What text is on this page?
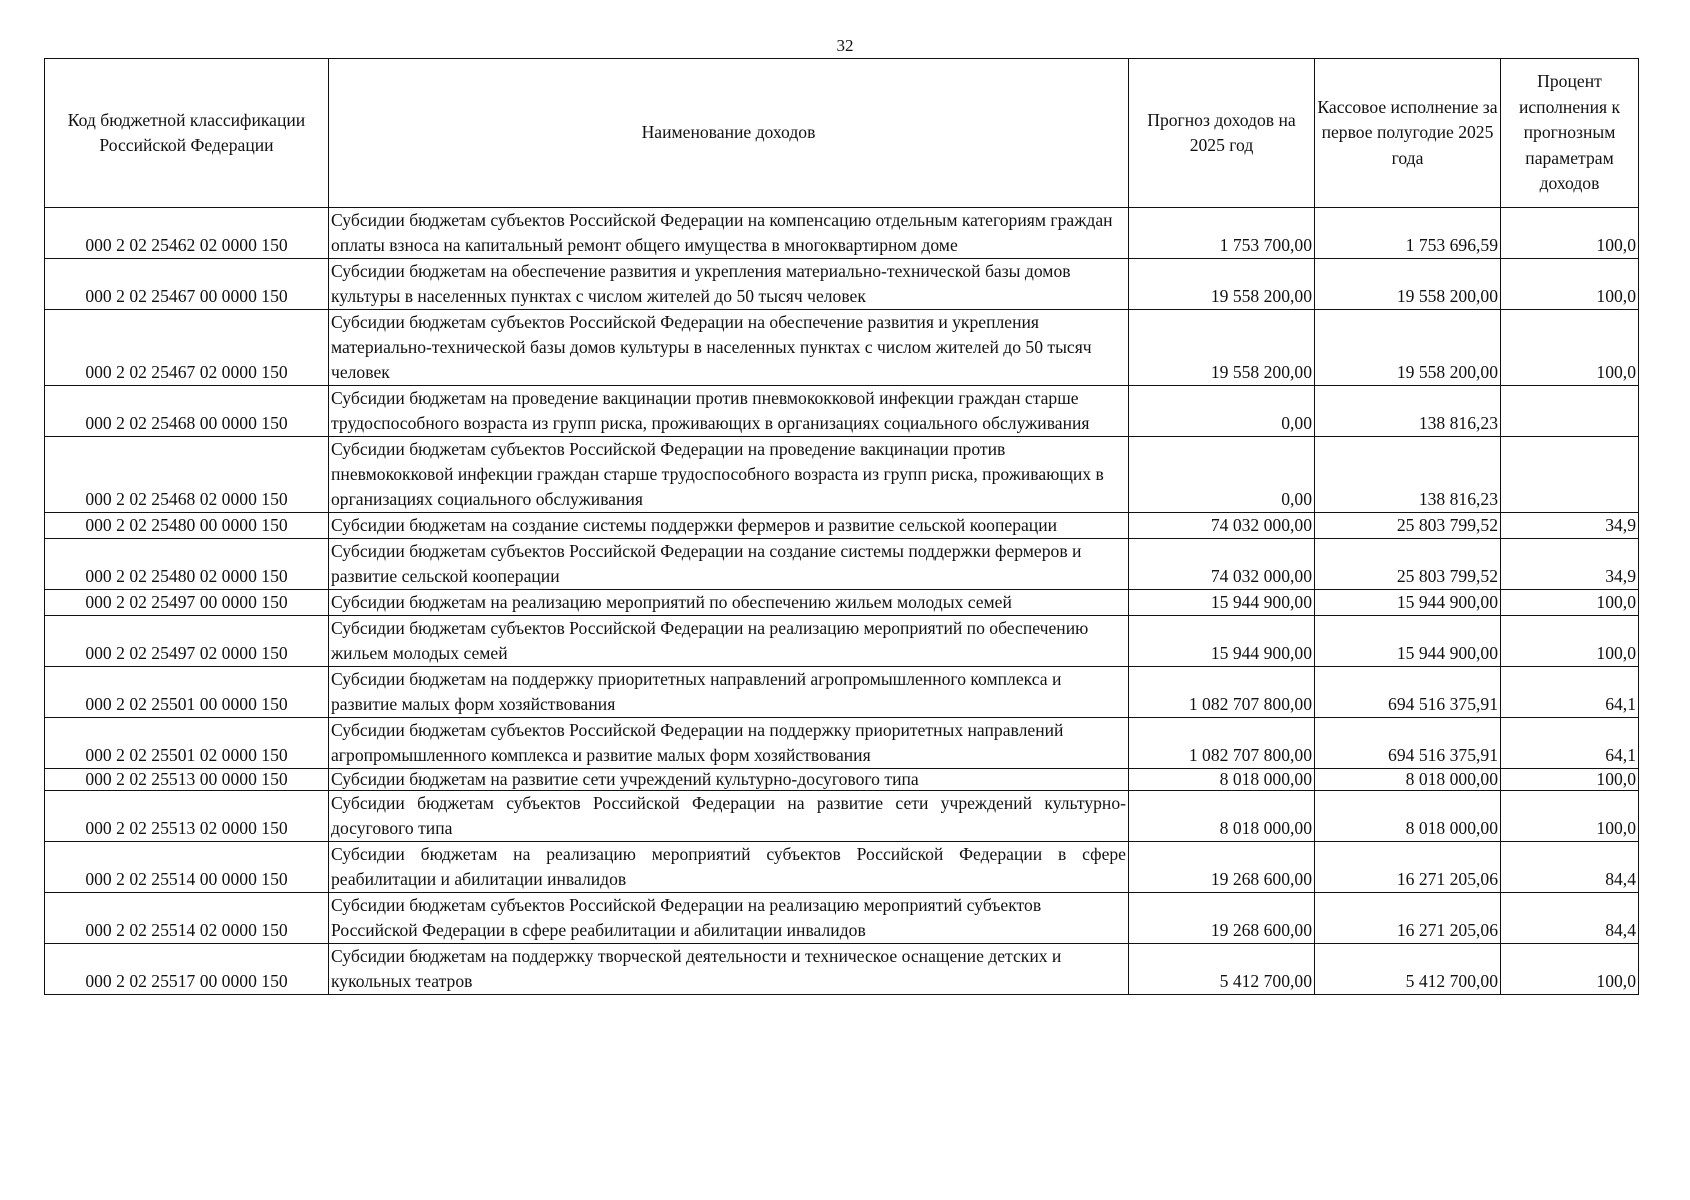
32
Код бюджетной классификации Российской Федерации	Наименование доходов	Прогноз доходов на 2025 год	Кассовое исполнение за первое полугодие 2025 года	Процент исполнения к прогнозным параметрам доходов
000 2 02 25462 02 0000 150	Субсидии бюджетам субъектов Российской Федерации на компенсацию отдельным категориям граждан оплаты взноса на капитальный ремонт общего имущества в многоквартирном доме	1 753 700,00	1 753 696,59	100,0
000 2 02 25467 00 0000 150	Субсидии бюджетам на обеспечение развития и укрепления материально-технической базы домов культуры в населенных пунктах с числом жителей до 50 тысяч человек	19 558 200,00	19 558 200,00	100,0
000 2 02 25467 02 0000 150	Субсидии бюджетам субъектов Российской Федерации на обеспечение развития и укрепления материально-технической базы домов культуры в населенных пунктах с числом жителей до 50 тысяч человек	19 558 200,00	19 558 200,00	100,0
000 2 02 25468 00 0000 150	Субсидии бюджетам на проведение вакцинации против пневмококковой инфекции граждан старше трудоспособного возраста из групп риска, проживающих в организациях социального обслуживания	0,00	138 816,23	
000 2 02 25468 02 0000 150	Субсидии бюджетам субъектов Российской Федерации на проведение вакцинации против пневмококковой инфекции граждан старше трудоспособного возраста из групп риска, проживающих в организациях социального обслуживания	0,00	138 816,23	
000 2 02 25480 00 0000 150	Субсидии бюджетам на создание системы поддержки фермеров и развитие сельской кооперации	74 032 000,00	25 803 799,52	34,9
000 2 02 25480 02 0000 150	Субсидии бюджетам субъектов Российской Федерации на создание системы поддержки фермеров и развитие сельской кооперации	74 032 000,00	25 803 799,52	34,9
000 2 02 25497 00 0000 150	Субсидии бюджетам на реализацию мероприятий по обеспечению жильем молодых семей	15 944 900,00	15 944 900,00	100,0
000 2 02 25497 02 0000 150	Субсидии бюджетам субъектов Российской Федерации на реализацию мероприятий по обеспечению жильем молодых семей	15 944 900,00	15 944 900,00	100,0
000 2 02 25501 00 0000 150	Субсидии бюджетам на поддержку приоритетных направлений агропромышленного комплекса и развитие малых форм хозяйствования	1 082 707 800,00	694 516 375,91	64,1
000 2 02 25501 02 0000 150	Субсидии бюджетам субъектов Российской Федерации на поддержку приоритетных направлений агропромышленного комплекса и развитие малых форм хозяйствования	1 082 707 800,00	694 516 375,91	64,1
000 2 02 25513 00 0000 150	Субсидии бюджетам на развитие сети учреждений культурно-досугового типа	8 018 000,00	8 018 000,00	100,0
000 2 02 25513 02 0000 150	Субсидии бюджетам субъектов Российской Федерации на развитие сети учреждений культурно-досугового типа	8 018 000,00	8 018 000,00	100,0
000 2 02 25514 00 0000 150	Субсидии бюджетам на реализацию мероприятий субъектов Российской Федерации в сфере реабилитации и абилитации инвалидов	19 268 600,00	16 271 205,06	84,4
000 2 02 25514 02 0000 150	Субсидии бюджетам субъектов Российской Федерации на реализацию мероприятий субъектов Российской Федерации в сфере реабилитации и абилитации инвалидов	19 268 600,00	16 271 205,06	84,4
000 2 02 25517 00 0000 150	Субсидии бюджетам на поддержку творческой деятельности и техническое оснащение детских и кукольных театров	5 412 700,00	5 412 700,00	100,0
